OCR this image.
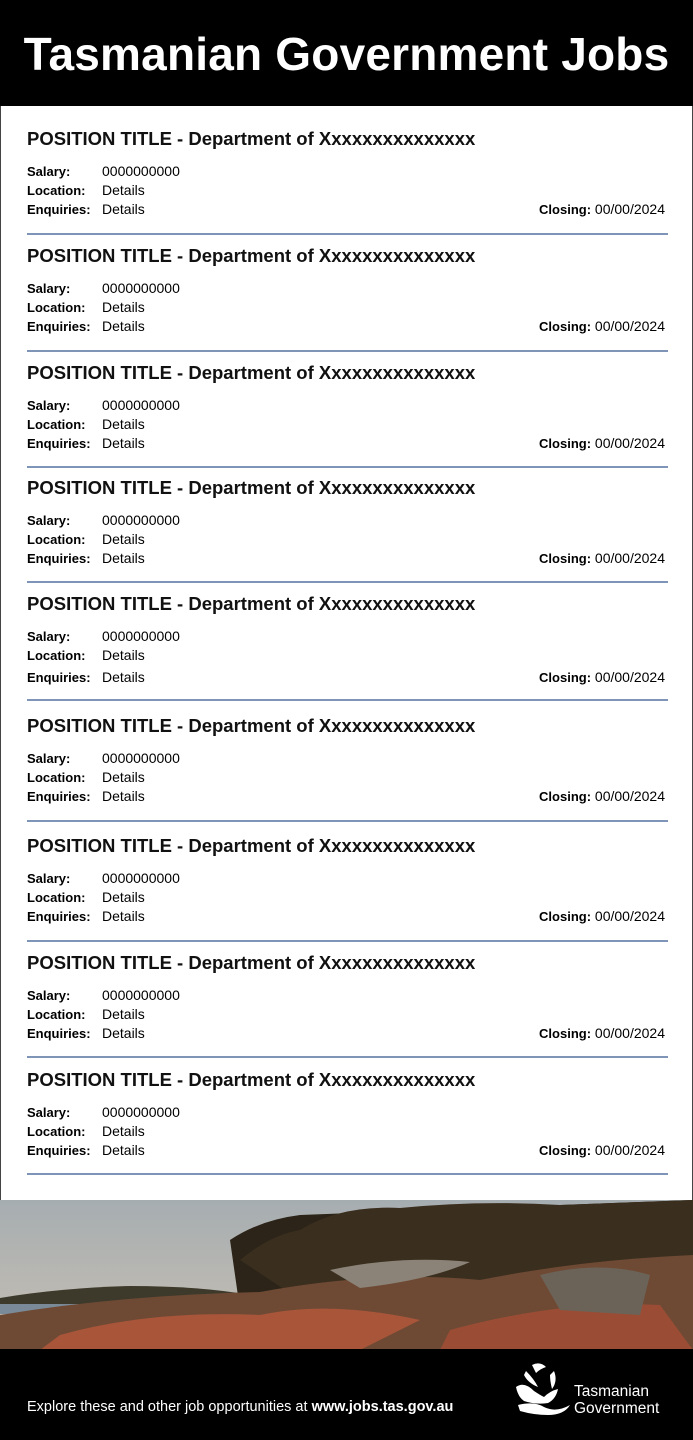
Tasmanian Government Jobs
POSITION TITLE - Department of Xxxxxxxxxxxxxxx
Salary: 0000000000
Location: Details
Enquiries: Details	Closing: 00/00/2024
POSITION TITLE - Department of Xxxxxxxxxxxxxxx
Salary: 0000000000
Location: Details
Enquiries: Details	Closing: 00/00/2024
POSITION TITLE - Department of Xxxxxxxxxxxxxxx
Salary: 0000000000
Location: Details
Enquiries: Details	Closing: 00/00/2024
POSITION TITLE - Department of Xxxxxxxxxxxxxxx
Salary: 0000000000
Location: Details
Enquiries: Details	Closing: 00/00/2024
POSITION TITLE - Department of Xxxxxxxxxxxxxxx
Salary: 0000000000
Location: Details
Enquiries: Details	Closing: 00/00/2024
POSITION TITLE - Department of Xxxxxxxxxxxxxxx
Salary: 0000000000
Location: Details
Enquiries: Details	Closing: 00/00/2024
POSITION TITLE - Department of Xxxxxxxxxxxxxxx
Salary: 0000000000
Location: Details
Enquiries: Details	Closing: 00/00/2024
POSITION TITLE - Department of Xxxxxxxxxxxxxxx
Salary: 0000000000
Location: Details
Enquiries: Details	Closing: 00/00/2024
POSITION TITLE - Department of Xxxxxxxxxxxxxxx
Salary: 0000000000
Location: Details
Enquiries: Details	Closing: 00/00/2024
Explore these and other job opportunities at www.jobs.tas.gov.au
Tasmanian
Government
